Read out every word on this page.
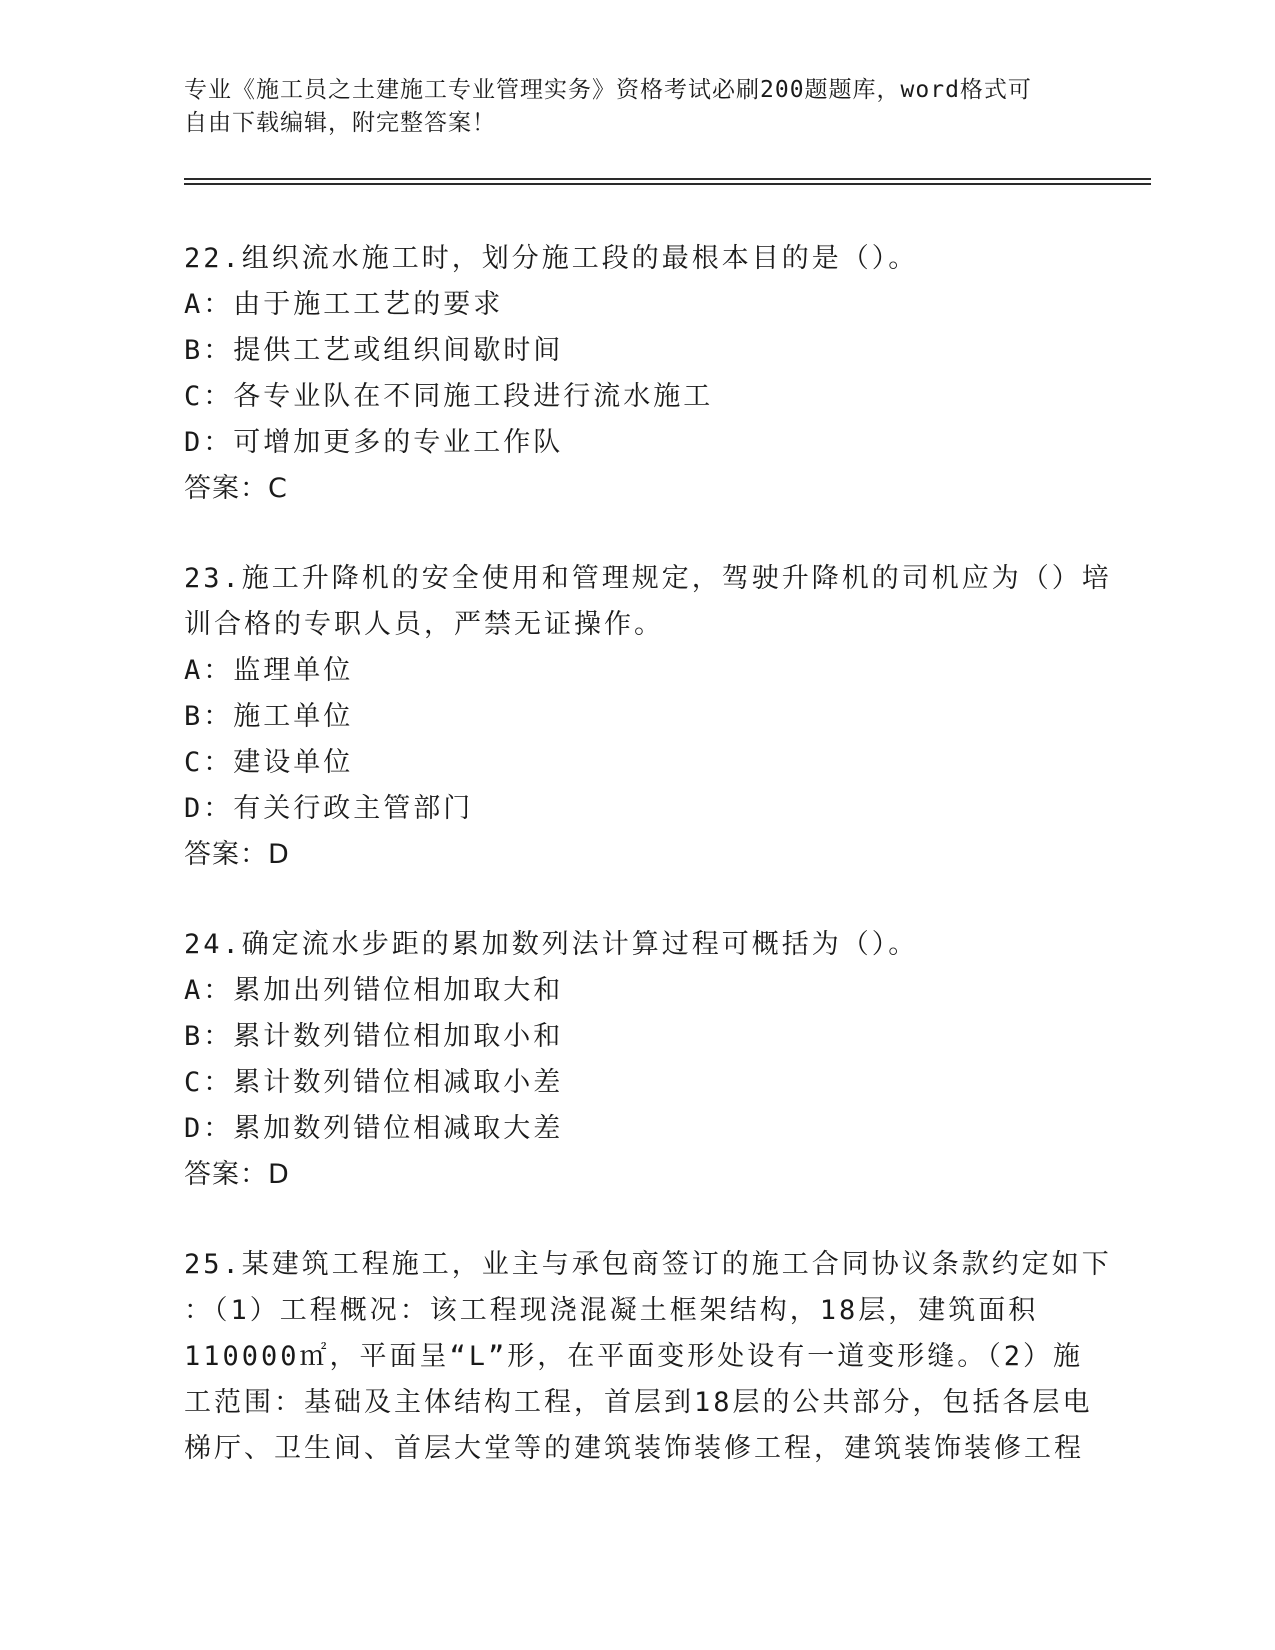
专业《施工员之土建施工专业管理实务》资格考试必刷200题题库，word格式可
自由下载编辑，附完整答案！
22.组织流水施工时，划分施工段的最根本目的是（）。
A：由于施工工艺的要求
B：提供工艺或组织间歇时间
C：各专业队在不同施工段进行流水施工
D：可增加更多的专业工作队
答案：C
23.施工升降机的安全使用和管理规定，驾驶升降机的司机应为（）培
训合格的专职人员，严禁无证操作。
A：监理单位
B：施工单位
C：建设单位
D：有关行政主管部门
答案：D
24.确定流水步距的累加数列法计算过程可概括为（）。
A：累加出列错位相加取大和
B：累计数列错位相加取小和
C：累计数列错位相减取小差
D：累加数列错位相减取大差
答案：D
25.某建筑工程施工，业主与承包商签订的施工合同协议条款约定如下
：（1）工程概况：该工程现浇混凝土框架结构，18层，建筑面积
110000㎡，平面呈“L”形，在平面变形处设有一道变形缝。（2）施
工范围：基础及主体结构工程，首层到18层的公共部分，包括各层电
梯厅、卫生间、首层大堂等的建筑装饰装修工程，建筑装饰装修工程
